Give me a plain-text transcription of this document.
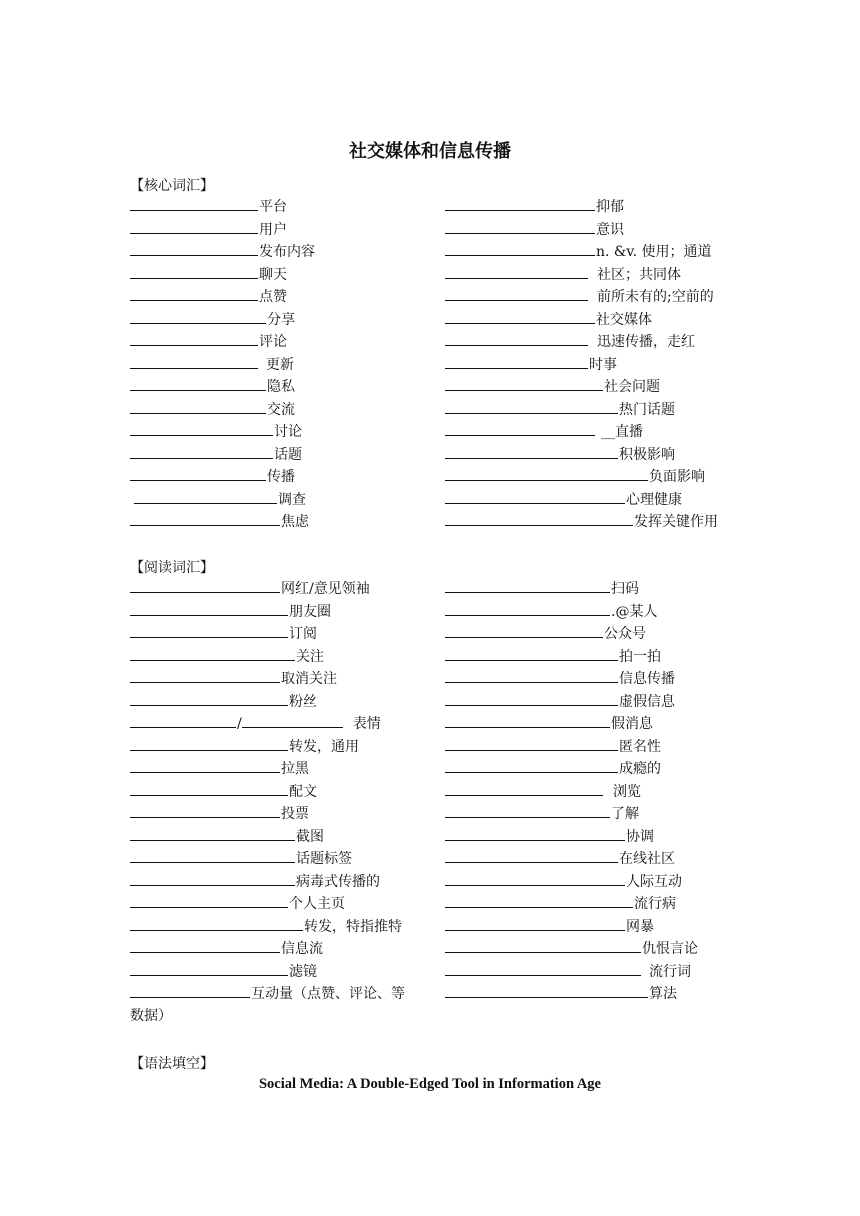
社交媒体和信息传播
【核心词汇】
平台
用户
发布内容
聊天
点赞
分享
评论
更新
隐私
交流
讨论
话题
传播
调查
焦虑
抑郁
意识
n. &v. 使用；通道
社区；共同体
前所未有的;空前的
社交媒体
迅速传播，走红
时事
社会问题
热门话题
__直播
积极影响
负面影响
心理健康
发挥关键作用
【阅读词汇】
网红/意见领袖
朋友圈
订阅
关注
取消关注
粉丝
/	表情
转发，通用
拉黑
配文
投票
截图
话题标签
病毒式传播的
个人主页
转发，特指推特
信息流
滤镜
互动量（点赞、评论、等
数据）
扫码
.@某人
公众号
拍一拍
信息传播
虚假信息
假消息
匿名性
成瘾的
浏览
了解
协调
在线社区
人际互动
流行病
网暴
仇恨言论
流行词
算法
【语法填空】
Social Media: A Double-Edged Tool in Information Age
